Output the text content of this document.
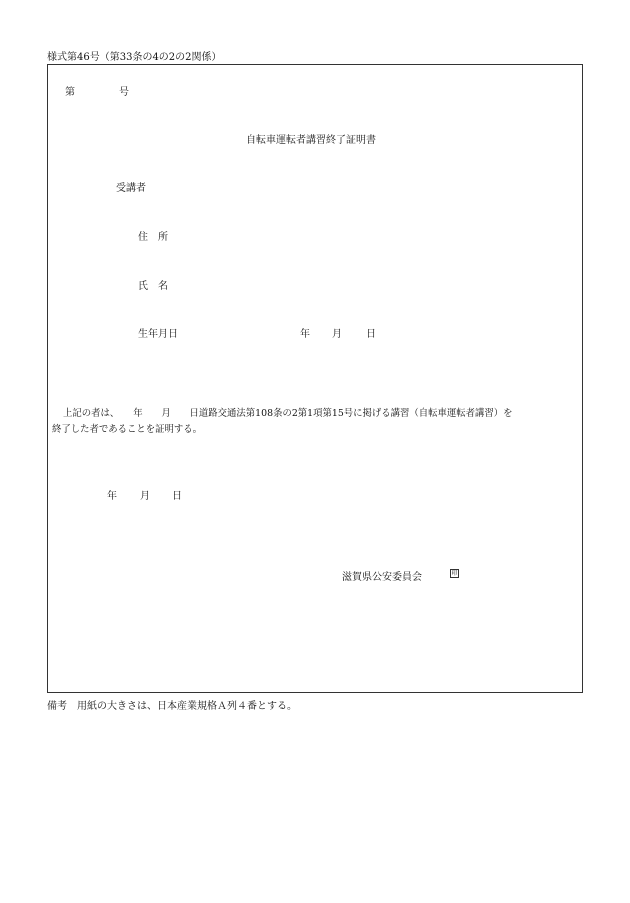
様式第46号（第33条の4の2の2関係）
第	号
自転車運転者講習終了証明書
受講者
住　所
氏　名
生年月日	年 月 日
上記の者は、　　年　　月　　日道路交通法第108条の2第1項第15号に掲げる講習（自転車運転者講習）を
終了した者であることを証明する。
年 月 日
滋賀県公安委員会	印
備考　用紙の大きさは、日本産業規格Ａ列４番とする。
